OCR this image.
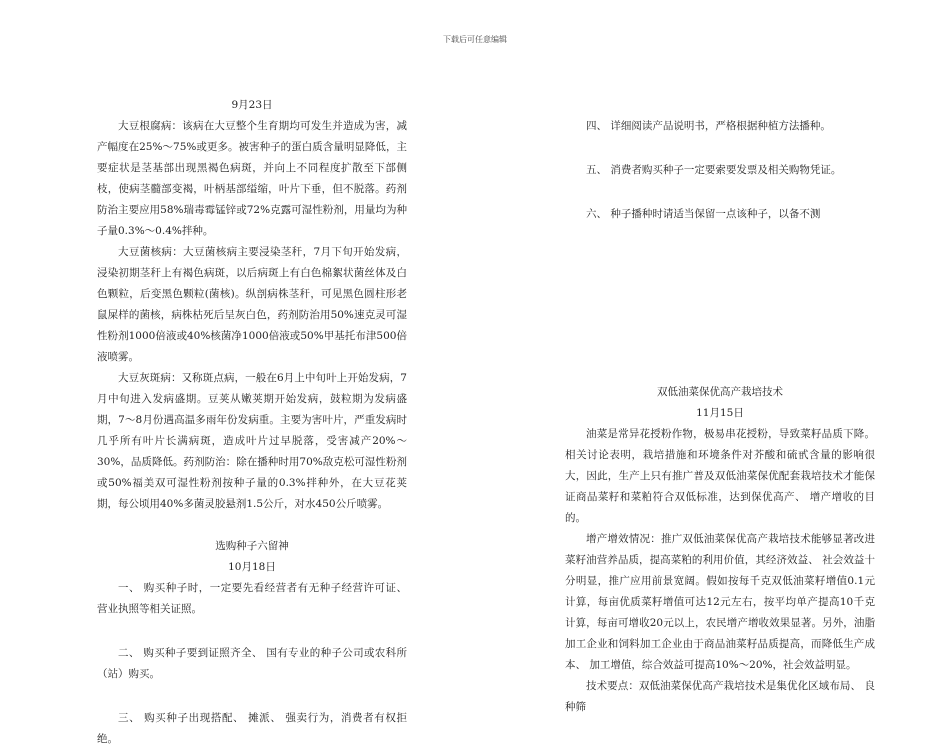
下载后可任意编辑

9月23日

大豆根腐病：该病在大豆整个生育期均可发生并造成为害，减产幅度在25%～75%或更多。被害种子的蛋白质含量明显降低，主要症状是茎基部出现黑褐色病斑，并向上不同程度扩散至下部侧枝，使病茎髓部变褐，叶柄基部缢缩，叶片下垂，但不脱落。药剂防治主要应用58%瑞毒霉锰锌或72%克露可湿性粉剂，用量均为种子量0.3%～0.4%拌种。

大豆菌核病：大豆菌核病主要浸染茎秆，7月下旬开始发病，浸染初期茎秆上有褐色病斑，以后病斑上有白色棉絮状菌丝体及白色颗粒，后变黑色颗粒(菌核)。纵剖病株茎秆，可见黑色圆柱形老鼠屎样的菌核，病株枯死后呈灰白色，药剂防治用50%速克灵可湿性粉剂1000倍液或40%核菌净1000倍液或50%甲基托布津500倍液喷雾。

大豆灰斑病：又称斑点病，一般在6月上中旬叶上开始发病，7月中旬进入发病盛期。豆荚从嫩荚期开始发病，鼓粒期为发病盛期，7～8月份遇高温多雨年份发病重。主要为害叶片，严重发病时几乎所有叶片长满病斑，造成叶片过早脱落，受害减产20%～30%，品质降低。药剂防治：除在播种时用70%敌克松可湿性粉剂或50%福美双可湿性粉剂按种子量的0.3%拌种外，在大豆花荚期，每公顷用40%多菌灵胶悬剂1.5公斤，对水450公斤喷雾。

选购种子六留神

10月18日

一、 购买种子时，一定要先看经营者有无种子经营许可证、 营业执照等相关证照。

二、 购买种子要到证照齐全、 国有专业的种子公司或农科所（站）购买。

三、 购买种子出现搭配、 摊派、 强卖行为，消费者有权拒绝。

四、 详细阅读产品说明书，严格根据种植方法播种。

五、 消费者购买种子一定要索要发票及相关购物凭证。

六、 种子播种时请适当保留一点该种子，以备不测

双低油菜保优高产栽培技术

11月15日

油菜是常异花授粉作物，极易串花授粉，导致菜籽品质下降。相关讨论表明，栽培措施和环境条件对芥酸和硫甙含量的影响很大，因此，生产上只有推广普及双低油菜保优配套栽培技术才能保证商品菜籽和菜粕符合双低标准，达到保优高产、 增产增收的目的。

增产增效情况：推广双低油菜保优高产栽培技术能够显著改进菜籽油营养品质，提高菜粕的利用价值，其经济效益、 社会效益十分明显，推广应用前景宽阔。假如按每千克双低油菜籽增值0.1元计算，每亩优质菜籽增值可达12元左右，按平均单产提高10千克计算，每亩可增收20元以上，农民增产增收效果显著。另外，油脂加工企业和饲料加工企业由于商品油菜籽品质提高，而降低生产成本、 加工增值，综合效益可提高10%～20%，社会效益明显。

技术要点：双低油菜保优高产栽培技术是集优化区域布局、 良种筛
